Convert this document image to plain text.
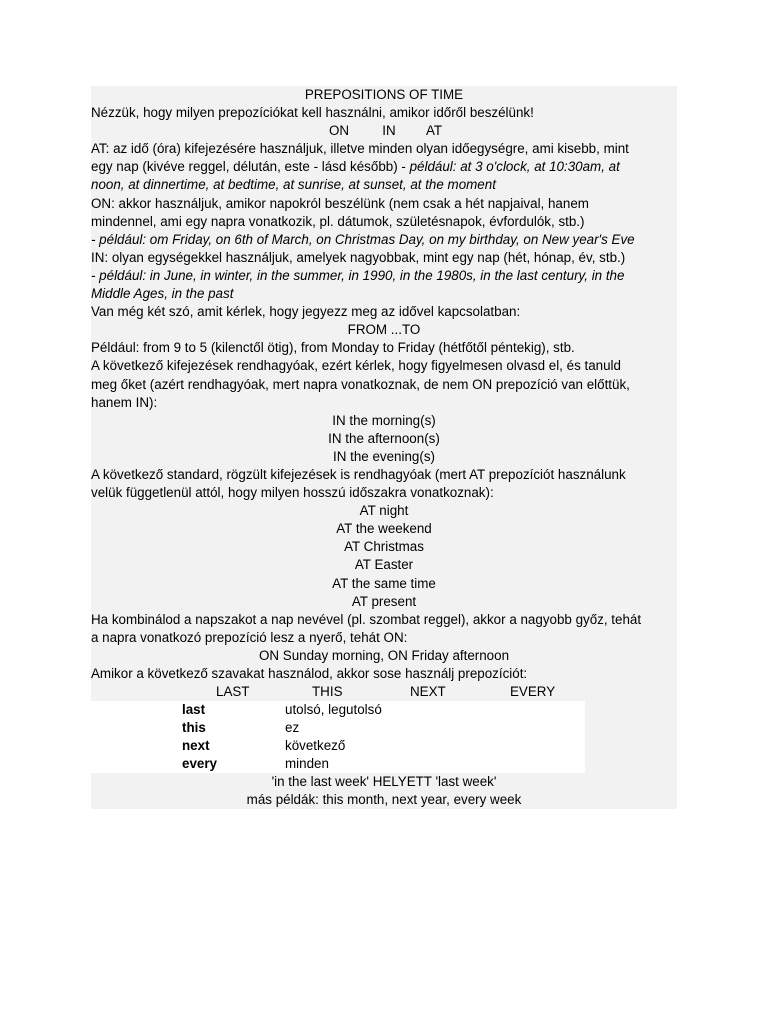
PREPOSITIONS OF TIME
Nézzük, hogy milyen prepozíciókat kell használni, amikor időről beszélünk!
ON	IN	AT
AT: az idő (óra) kifejezésére használjuk, illetve minden olyan időegységre, ami kisebb, mint
egy nap (kivéve reggel, délután, este - lásd később) - például: at 3 o'clock, at 10:30am, at
noon, at dinnertime, at bedtime, at sunrise, at sunset, at the moment
ON: akkor használjuk, amikor napokról beszélünk (nem csak a hét napjaival, hanem
mindennel, ami egy napra vonatkozik, pl. dátumok, születésnapok, évfordulók, stb.)
- például: om Friday, on 6th of March, on Christmas Day, on my birthday, on New year's Eve
IN: olyan egységekkel használjuk, amelyek nagyobbak, mint egy nap (hét, hónap, év, stb.)
- például: in June, in winter, in the summer, in 1990, in the 1980s, in the last century, in the
Middle Ages, in the past
Van még két szó, amit kérlek, hogy jegyezz meg az idővel kapcsolatban:
FROM ...TO
Például: from 9 to 5 (kilenctől ötig), from Monday to Friday (hétfőtől péntekig), stb.
A következő kifejezések rendhagyóak, ezért kérlek, hogy figyelmesen olvasd el, és tanuld
meg őket (azért rendhagyóak, mert napra vonatkoznak, de nem ON prepozíció van előttük,
hanem IN):
IN the morning(s)
IN the afternoon(s)
IN the evening(s)
A következő standard, rögzült kifejezések is rendhagyóak (mert AT prepozíciót használunk
velük függetlenül attól, hogy milyen hosszú időszakra vonatkoznak):
AT night
AT the weekend
AT Christmas
AT Easter
AT the same time
AT present
Ha kombinálod a napszakot a nap nevével (pl. szombat reggel), akkor a nagyobb győz, tehát
a napra vonatkozó prepozíció lesz a nyerő, tehát ON:
ON Sunday morning, ON Friday afternoon
Amikor a következő szavakat használod, akkor sose használj prepozíciót:
LAST	THIS	NEXT	EVERY
last	utolsó, legutolsó
this	ez
next	következő
every	minden
'in the last week' HELYETT 'last week'
más példák: this month, next year, every week
